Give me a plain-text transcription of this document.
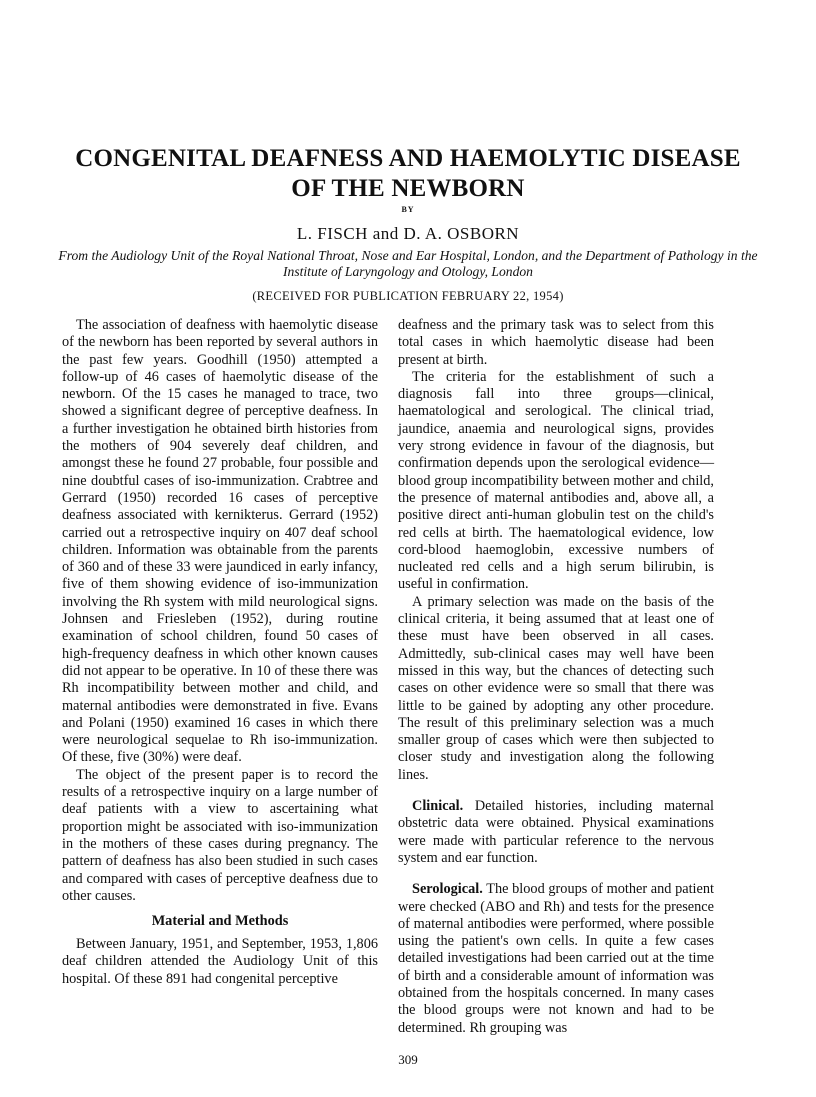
CONGENITAL DEAFNESS AND HAEMOLYTIC DISEASE
OF THE NEWBORN
BY
L. FISCH and D. A. OSBORN
From the Audiology Unit of the Royal National Throat, Nose and Ear Hospital, London, and the Department of Pathology in the Institute of Laryngology and Otology, London
(RECEIVED FOR PUBLICATION FEBRUARY 22, 1954)

The association of deafness with haemolytic disease of the newborn has been reported by several authors in the past few years. Goodhill (1950) attempted a follow-up of 46 cases of haemolytic disease of the newborn. Of the 15 cases he managed to trace, two showed a significant degree of perceptive deafness. In a further investigation he obtained birth histories from the mothers of 904 severely deaf children, and amongst these he found 27 probable, four possible and nine doubtful cases of iso-immunization. Crabtree and Gerrard (1950) recorded 16 cases of perceptive deafness associated with kernikterus. Gerrard (1952) carried out a retrospective inquiry on 407 deaf school children. Information was obtainable from the parents of 360 and of these 33 were jaundiced in early infancy, five of them showing evidence of iso-immunization involving the Rh system with mild neurological signs. Johnsen and Friesleben (1952), during routine examination of school children, found 50 cases of high-frequency deafness in which other known causes did not appear to be operative. In 10 of these there was Rh incompatibility between mother and child, and maternal antibodies were demonstrated in five. Evans and Polani (1950) examined 16 cases in which there were neurological sequelae to Rh iso-immunization. Of these, five (30%) were deaf.

The object of the present paper is to record the results of a retrospective inquiry on a large number of deaf patients with a view to ascertaining what proportion might be associated with iso-immunization in the mothers of these cases during pregnancy. The pattern of deafness has also been studied in such cases and compared with cases of perceptive deafness due to other causes.

Material and Methods

Between January, 1951, and September, 1953, 1,806 deaf children attended the Audiology Unit of this hospital. Of these 891 had congenital perceptive

deafness and the primary task was to select from this total cases in which haemolytic disease had been present at birth.

The criteria for the establishment of such a diagnosis fall into three groups—clinical, haematological and serological. The clinical triad, jaundice, anaemia and neurological signs, provides very strong evidence in favour of the diagnosis, but confirmation depends upon the serological evidence—blood group incompatibility between mother and child, the presence of maternal antibodies and, above all, a positive direct anti-human globulin test on the child's red cells at birth. The haematological evidence, low cord-blood haemoglobin, excessive numbers of nucleated red cells and a high serum bilirubin, is useful in confirmation.

A primary selection was made on the basis of the clinical criteria, it being assumed that at least one of these must have been observed in all cases. Admittedly, sub-clinical cases may well have been missed in this way, but the chances of detecting such cases on other evidence were so small that there was little to be gained by adopting any other procedure. The result of this preliminary selection was a much smaller group of cases which were then subjected to closer study and investigation along the following lines.

Clinical. Detailed histories, including maternal obstetric data were obtained. Physical examinations were made with particular reference to the nervous system and ear function.

Serological. The blood groups of mother and patient were checked (ABO and Rh) and tests for the presence of maternal antibodies were performed, where possible using the patient's own cells. In quite a few cases detailed investigations had been carried out at the time of birth and a considerable amount of information was obtained from the hospitals concerned. In many cases the blood groups were not known and had to be determined. Rh grouping was

309
